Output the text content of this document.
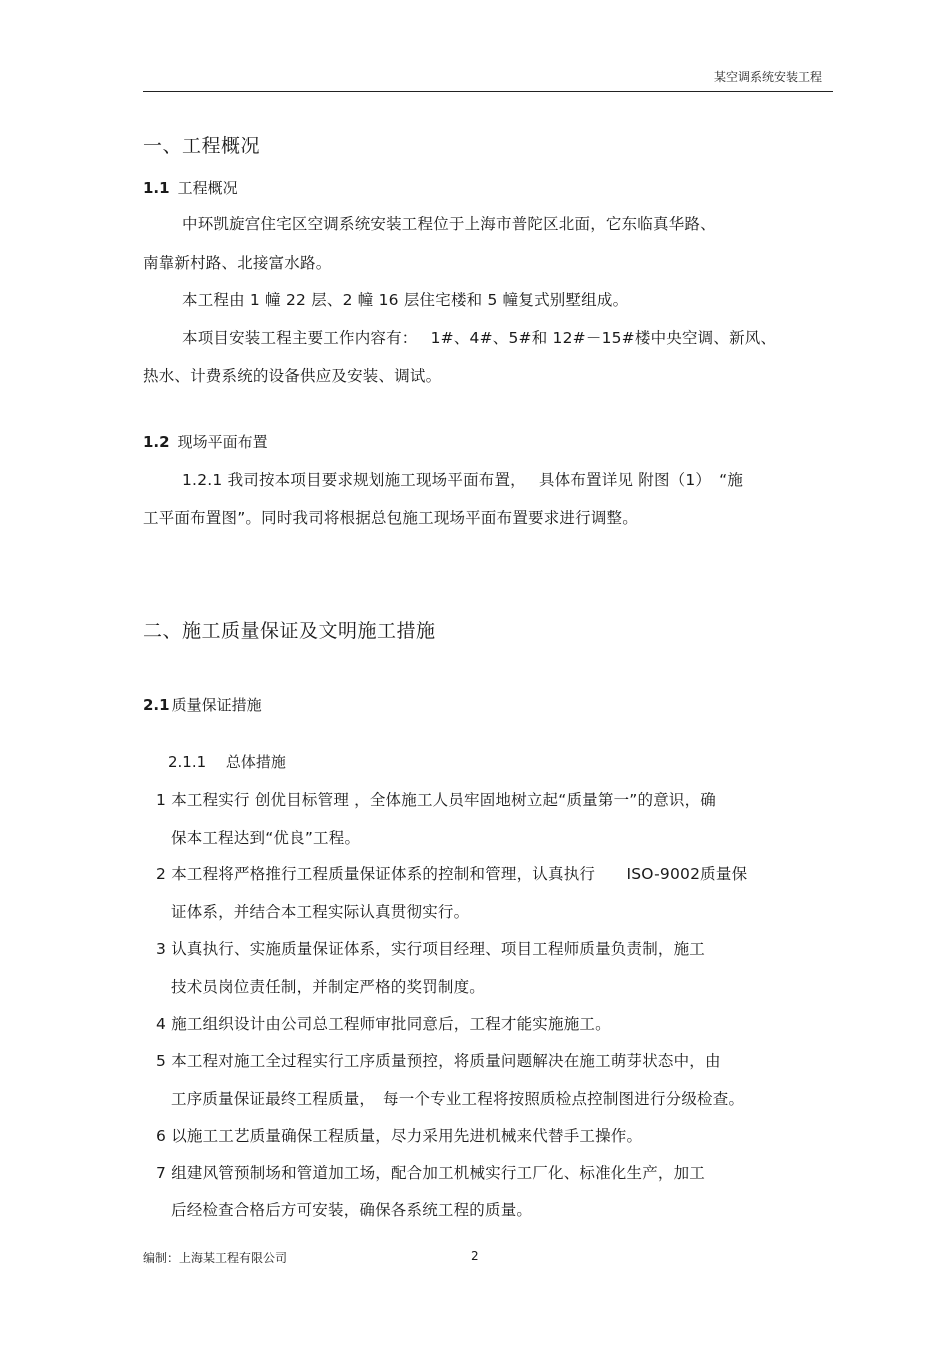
某空调系统安装工程
一、工程概况
1.1 工程概况
中环凯旋宫住宅区空调系统安装工程位于上海市普陀区北面，它东临真华路、
南靠新村路、北接富水路。
本工程由 1 幢 22 层、2 幢 16 层住宅楼和 5 幢复式别墅组成。
本项目安装工程主要工作内容有：　 1#、4#、5#和 12#－15#楼中央空调、新风、
热水、计费系统的设备供应及安装、调试。
1.2 现场平面布置
1.2.1 我司按本项目要求规划施工现场平面布置，　 具体布置详见 附图（1）　“施
工平面布置图”。同时我司将根据总包施工现场平面布置要求进行调整。
二、施工质量保证及文明施工措施
2.1 质量保证措施
2.1.1　 总体措施
1 本工程实行 创优目标管理 ，全体施工人员牢固地树立起“质量第一”的意识，确
保本工程达到“优良”工程。
2 本工程将严格推行工程质量保证体系的控制和管理，认真执行　　ISO-9002质量保
证体系，并结合本工程实际认真贯彻实行。
3 认真执行、实施质量保证体系，实行项目经理、项目工程师质量负责制，施工
技术员岗位责任制，并制定严格的奖罚制度。
4 施工组织设计由公司总工程师审批同意后，工程才能实施施工。
5 本工程对施工全过程实行工序质量预控，将质量问题解决在施工萌芽状态中，由
工序质量保证最终工程质量，　每一个专业工程将按照质检点控制图进行分级检查。
6 以施工工艺质量确保工程质量，尽力采用先进机械来代替手工操作。
7 组建风管预制场和管道加工场，配合加工机械实行工厂化、标准化生产，加工
后经检查合格后方可安装，确保各系统工程的质量。
编制：上海某工程有限公司	2
